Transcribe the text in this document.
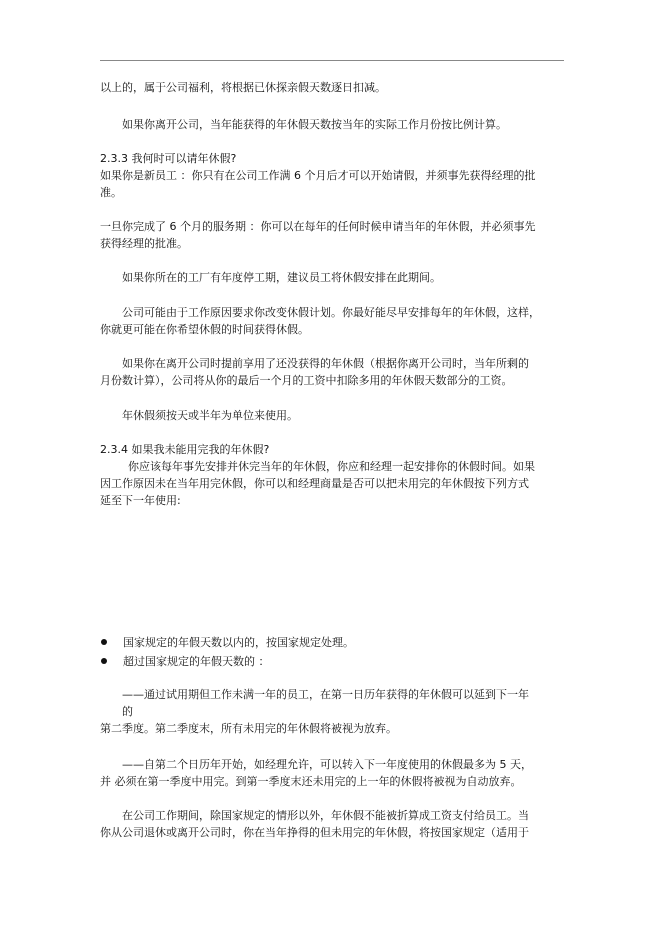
以上的，属于公司福利，将根据已休探亲假天数逐日扣减。
如果你离开公司，当年能获得的年休假天数按当年的实际工作月份按比例计算。
2.3.3 我何时可以请年休假?
如果你是新员工 ：你只有在公司工作满 6 个月后才可以开始请假，并须事先获得经理的批
准。
一旦你完成了 6 个月的服务期 ：你可以在每年的任何时候申请当年的年休假，并必须事先
获得经理的批准。
如果你所在的工厂有年度停工期，建议员工将休假安排在此期间。
公司可能由于工作原因要求你改变休假计划。你最好能尽早安排每年的年休假，这样，
你就更可能在你希望休假的时间获得休假。
如果你在离开公司时提前享用了还没获得的年休假（根据你离开公司时，当年所剩的
月份数计算），公司将从你的最后一个月的工资中扣除多用的年休假天数部分的工资。
年休假须按天或半年为单位来使用。
2.3.4 如果我未能用完我的年休假?
你应该每年事先安排并休完当年的年休假，你应和经理一起安排你的休假时间。如果
因工作原因未在当年用完休假，你可以和经理商量是否可以把未用完的年休假按下列方式
延至下一年使用:
国家规定的年假天数以内的，按国家规定处理。
超过国家规定的年假天数的 ：
——通过试用期但工作未满一年的员工，在第一日历年获得的年休假可以延到下一年
的
第二季度。第二季度末，所有未用完的年休假将被视为放弃。
——自第二个日历年开始，如经理允许，可以转入下一年度使用的休假最多为 5 天，
并 必须在第一季度中用完。到第一季度末还未用完的上一年的休假将被视为自动放弃。
在公司工作期间，除国家规定的情形以外，年休假不能被折算成工资支付给员工。当
你从公司退休或离开公司时，你在当年挣得的但未用完的年休假，将按国家规定（适用于
